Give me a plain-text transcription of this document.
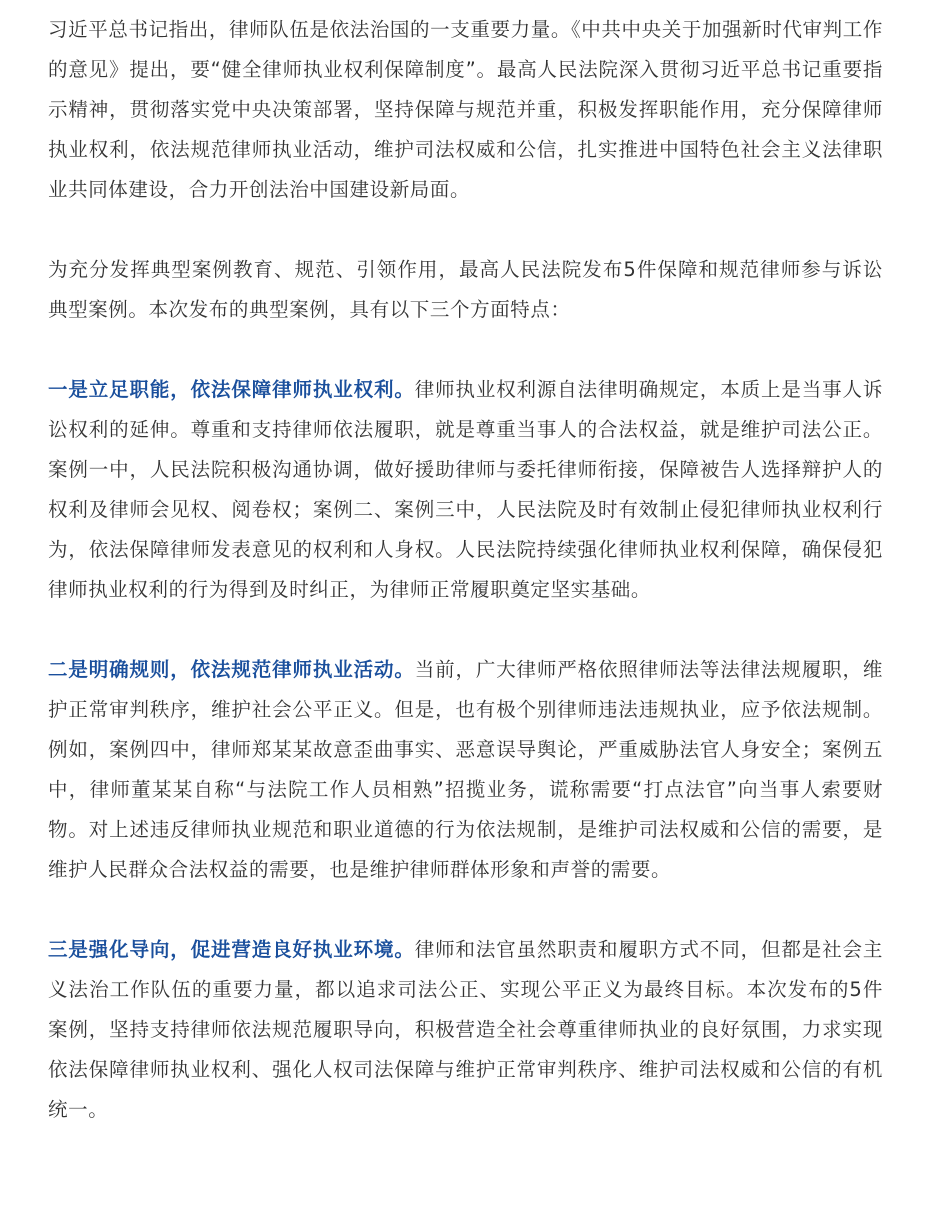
习近平总书记指出，律师队伍是依法治国的一支重要力量。《中共中央关于加强新时代审判工作的意见》提出，要“健全律师执业权利保障制度”。最高人民法院深入贯彻习近平总书记重要指示精神，贯彻落实党中央决策部署，坚持保障与规范并重，积极发挥职能作用，充分保障律师执业权利，依法规范律师执业活动，维护司法权威和公信，扎实推进中国特色社会主义法律职业共同体建设，合力开创法治中国建设新局面。

为充分发挥典型案例教育、规范、引领作用，最高人民法院发布5件保障和规范律师参与诉讼典型案例。本次发布的典型案例，具有以下三个方面特点：

一是立足职能，依法保障律师执业权利。律师执业权利源自法律明确规定，本质上是当事人诉讼权利的延伸。尊重和支持律师依法履职，就是尊重当事人的合法权益，就是维护司法公正。案例一中，人民法院积极沟通协调，做好援助律师与委托律师衔接，保障被告人选择辩护人的权利及律师会见权、阅卷权；案例二、案例三中，人民法院及时有效制止侵犯律师执业权利行为，依法保障律师发表意见的权利和人身权。人民法院持续强化律师执业权利保障，确保侵犯律师执业权利的行为得到及时纠正，为律师正常履职奠定坚实基础。

二是明确规则，依法规范律师执业活动。当前，广大律师严格依照律师法等法律法规履职，维护正常审判秩序，维护社会公平正义。但是，也有极个别律师违法违规执业，应予依法规制。例如，案例四中，律师郑某某故意歪曲事实、恶意误导舆论，严重威胁法官人身安全；案例五中，律师董某某自称“与法院工作人员相熟”招揽业务，谎称需要“打点法官”向当事人索要财物。对上述违反律师执业规范和职业道德的行为依法规制，是维护司法权威和公信的需要，是维护人民群众合法权益的需要，也是维护律师群体形象和声誉的需要。

三是强化导向，促进营造良好执业环境。律师和法官虽然职责和履职方式不同，但都是社会主义法治工作队伍的重要力量，都以追求司法公正、实现公平正义为最终目标。本次发布的5件案例，坚持支持律师依法规范履职导向，积极营造全社会尊重律师执业的良好氛围，力求实现依法保障律师执业权利、强化人权司法保障与维护正常审判秩序、维护司法权威和公信的有机统一。
